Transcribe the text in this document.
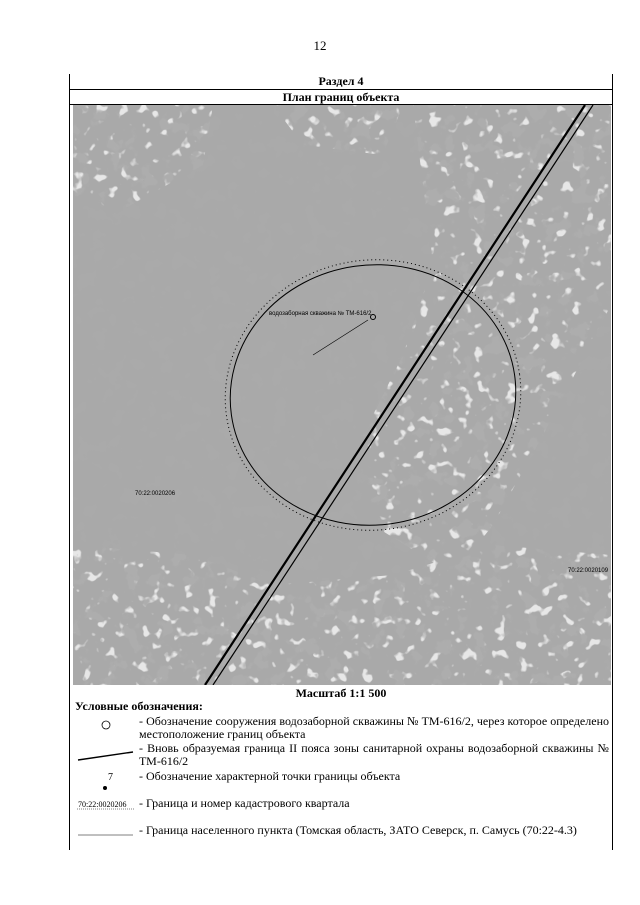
12
Раздел 4
План границ объекта
водозаборная скважина № ТМ-616/2
70:22:0020206
70:22:0020109
Масштаб 1:1 500
Условные обозначения:
- Обозначение сооружения водозаборной скважины № ТМ-616/2, через которое определено местоположение границ объекта
- Вновь образуемая граница II пояса зоны санитарной охраны водозаборной скважины № ТМ-616/2
7 - Обозначение характерной точки границы объекта
70:22:0020206 - Граница и номер кадастрового квартала
- Граница населенного пункта (Томская область, ЗАТО Северск, п. Самусь (70:22-4.3)
